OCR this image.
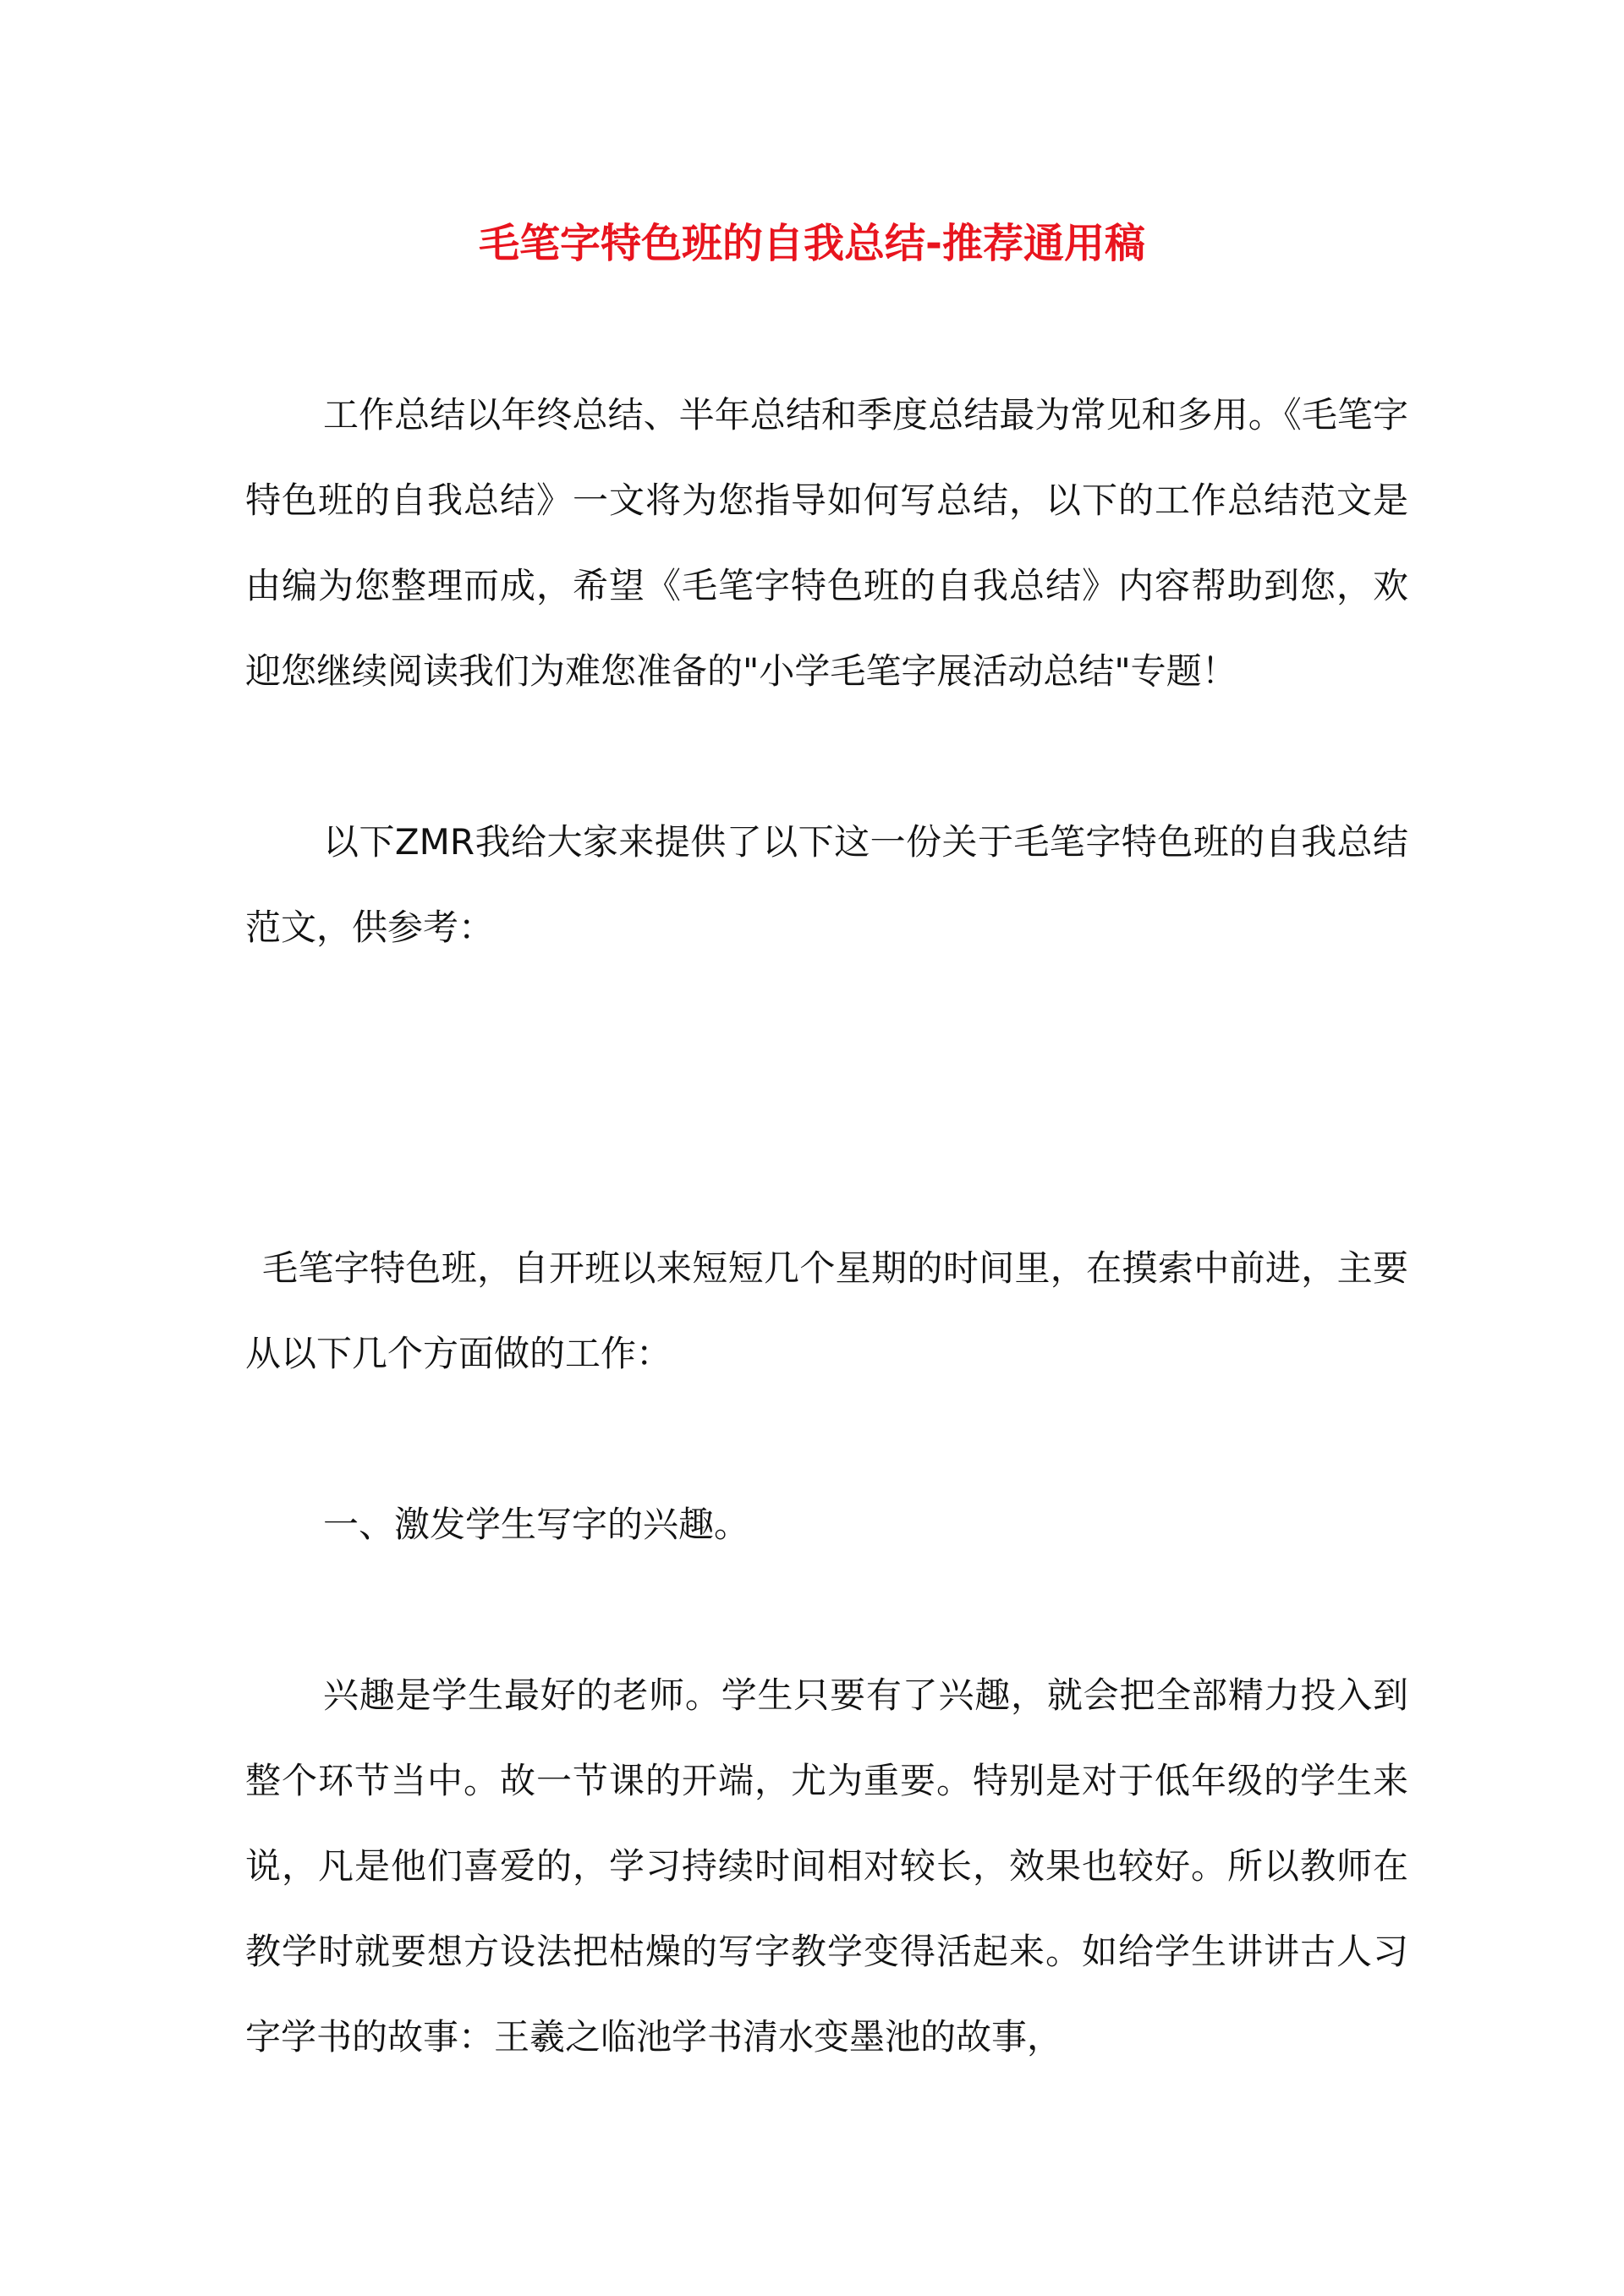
毛笔字特色班的自我总结-推荐通用稿

工作总结以年终总结、半年总结和季度总结最为常见和多用。《毛笔字特色班的自我总结》一文将为您指导如何写总结，以下的工作总结范文是由编为您整理而成，希望《毛笔字特色班的自我总结》内容帮助到您，欢迎您继续阅读我们为难您准备的"小学毛笔字展活动总结"专题！

以下ZMR我给大家来提供了以下这一份关于毛笔字特色班的自我总结范文，供参考：

毛笔字特色班，自开班以来短短几个星期的时间里，在摸索中前进，主要从以下几个方面做的工作：

一、激发学生写字的兴趣。

兴趣是学生最好的老师。学生只要有了兴趣，就会把全部精力投入到整个环节当中。故一节课的开端，尤为重要。特别是对于低年级的学生来说，凡是他们喜爱的，学习持续时间相对较长，效果也较好。所以教师在教学时就要想方设法把枯燥的写字教学变得活起来。如给学生讲讲古人习字学书的故事：王羲之临池学书清水变墨池的故事，
